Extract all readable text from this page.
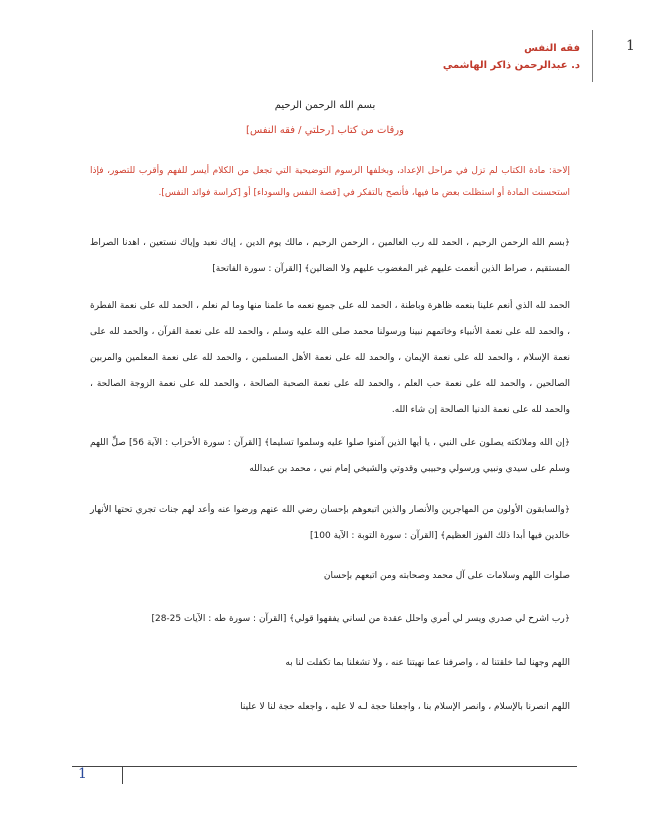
1
فقه النفس
د. عبدالرحمن ذاكر الهاشمي
بسم الله الرحمن الرحيم
ورقات من كتاب [رحلتي / فقه النفس]
إلاحة: مادة الكتاب لم تزل في مراحل الإعداد، وبخلفها الرسوم التوضيحية التي تجعل من الكلام أيسر للفهم وأقرب للتصور، فإذا استحسنت المادة أو استظلت بعض ما فيها، فأنصح بالتفكر في [قصة النفس والسوداء] أو [كراسة فوائد النفس].
﴿بسم الله الرحمن الرحيم ، الحمد لله رب العالمين ، الرحمن الرحيم ، مالك يوم الدين ، إياك نعبد وإياك نستعين ، اهدنا الصراط المستقيم ، صراط الذين أنعمت عليهم غير المغضوب عليهم ولا الضالين﴾ [القرآن : سورة الفاتحة]
الحمد لله الذي أنعم علينا بنعمه ظاهرة وباطنة ، الحمد لله على جميع نعمه ما علمنا منها وما لم نعلم ، الحمد لله على نعمة الفطرة ، والحمد لله على نعمة الأنبياء وخاتمهم نبينا ورسولنا محمد صلى الله عليه وسلم ، والحمد لله على نعمة القرآن ، والحمد لله على نعمة الإسلام ، والحمد لله على نعمة الإيمان ، والحمد لله على نعمة الأهل المسلمين ، والحمد لله على نعمة المعلمين والمربين الصالحين ، والحمد لله على نعمة حب العلم ، والحمد لله على نعمة الصحبة الصالحة ، والحمد لله على نعمة الزوجة الصالحة ، والحمد لله على نعمة الدنيا الصالحة إن شاء الله.
﴿إن الله وملائكته يصلون على النبي ، يا أيها الذين آمنوا صلوا عليه وسلموا تسليما﴾ [القرآن : سورة الأحزاب : الآية 56] صلِّ اللهم وسلم على سيدي ونبيي ورسولي وحبيبي وقدوتي والشيخي إمام نبي ، محمد بن عبدالله
﴿والسابقون الأولون من المهاجرين والأنصار والذين اتبعوهم بإحسان رضي الله عنهم ورضوا عنه وأعد لهم جنات تجري تحتها الأنهار خالدين فيها أبدا ذلك الفوز العظيم﴾ [القرآن : سورة التوبة : الآية 100]
صلوات اللهم وسلامات على آل محمد وصحابته ومن اتبعهم بإحسان
﴿رب اشرح لي صدري ويسر لي أمري واحلل عقدة من لساني يفقهوا قولي﴾ [القرآن : سورة طه : الآيات 25-28]
اللهم وجهنا لما خلقتنا له ، واصرفنا عما نهيتنا عنه ، ولا تشغلنا بما تكفلت لنا به
اللهم انصرنا بالإسلام ، وانصر الإسلام بنا ، واجعلنا حجة لـه لا عليه ، واجعله حجة لنا لا علينا
1
